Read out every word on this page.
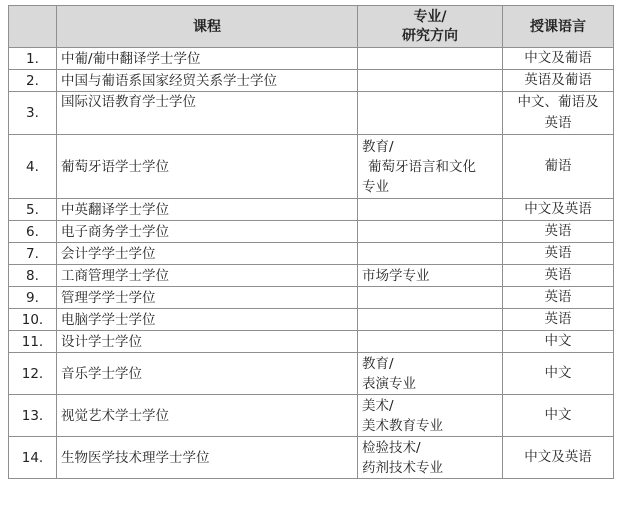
	课程	专业/
研究方向	授课语言
1.	中葡/葡中翻译学士学位		中文及葡语

2.	中国与葡语系国家经贸关系学士学位		英语及葡语

3.	国际汉语教育学士学位		中文、葡语及
英语

4.	葡萄牙语学士学位	教育/
葡萄牙语言和文化
专业	葡语

5.	中英翻译学士学位		中文及英语

6.	电子商务学士学位		英语

7.	会计学学士学位		英语

8.	工商管理学士学位	市场学专业	英语

9.	管理学学士学位		英语

10.	电脑学学士学位		英语

11.	设计学士学位		中文

12.	音乐学士学位	教育/
表演专业	中文

13.	视觉艺术学士学位	美术/
美术教育专业	中文

14.	生物医学技术理学士学位	检验技术/
药剂技术专业	中文及英语
